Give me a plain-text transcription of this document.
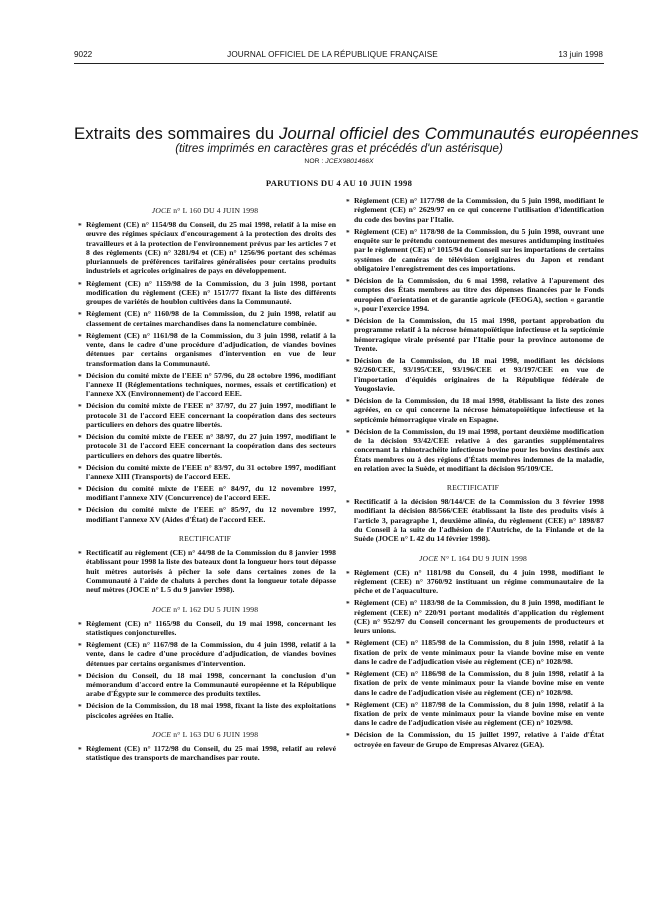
9022	JOURNAL OFFICIEL DE LA RÉPUBLIQUE FRANÇAISE	13 juin 1998
Extraits des sommaires du Journal officiel des Communautés européennes
(titres imprimés en caractères gras et précédés d'un astérisque)
NOR : JCEX9801466X
PARUTIONS DU 4 AU 10 JUIN 1998
JOCE n° L 160 DU 4 JUIN 1998
* Règlement (CE) n° 1154/98 du Conseil, du 25 mai 1998, relatif à la mise en œuvre des régimes spéciaux d'encouragement à la protection des droits des travailleurs et à la protection de l'environnement prévus par les articles 7 et 8 des règlements (CE) n° 3281/94 et (CE) n° 1256/96 portant des schémas pluriannuels de préférences tarifaires généralisées pour certains produits industriels et agricoles originaires de pays en développement.
* Règlement (CE) n° 1159/98 de la Commission, du 3 juin 1998, portant modification du règlement (CEE) n° 1517/77 fixant la liste des différents groupes de variétés de houblon cultivées dans la Communauté.
* Règlement (CE) n° 1160/98 de la Commission, du 2 juin 1998, relatif au classement de certaines marchandises dans la nomenclature combinée.
* Règlement (CE) n° 1161/98 de la Commission, du 3 juin 1998, relatif à la vente, dans le cadre d'une procédure d'adjudication, de viandes bovines détenues par certains organismes d'intervention en vue de leur transformation dans la Communauté.
* Décision du comité mixte de l'EEE n° 57/96, du 28 octobre 1996, modifiant l'annexe II (Réglementations techniques, normes, essais et certification) et l'annexe XX (Environnement) de l'accord EEE.
* Décision du comité mixte de l'EEE n° 37/97, du 27 juin 1997, modifiant le protocole 31 de l'accord EEE concernant la coopération dans des secteurs particuliers en dehors des quatre libertés.
* Décision du comité mixte de l'EEE n° 38/97, du 27 juin 1997, modifiant le protocole 31 de l'accord EEE concernant la coopération dans des secteurs particuliers en dehors des quatre libertés.
* Décision du comité mixte de l'EEE n° 83/97, du 31 octobre 1997, modifiant l'annexe XIII (Transports) de l'accord EEE.
* Décision du comité mixte de l'EEE n° 84/97, du 12 novembre 1997, modifiant l'annexe XIV (Concurrence) de l'accord EEE.
* Décision du comité mixte de l'EEE n° 85/97, du 12 novembre 1997, modifiant l'annexe XV (Aides d'État) de l'accord EEE.
RECTIFICATIF
* Rectificatif au règlement (CE) n° 44/98 de la Commission du 8 janvier 1998 établissant pour 1998 la liste des bateaux dont la longueur hors tout dépasse huit mètres autorisés à pêcher la sole dans certaines zones de la Communauté à l'aide de chaluts à perches dont la longueur totale dépasse neuf mètres (JOCE n° L 5 du 9 janvier 1998).
JOCE n° L 162 DU 5 JUIN 1998
* Règlement (CE) n° 1165/98 du Conseil, du 19 mai 1998, concernant les statistiques conjoncturelles.
* Règlement (CE) n° 1167/98 de la Commission, du 4 juin 1998, relatif à la vente, dans le cadre d'une procédure d'adjudication, de viandes bovines détenues par certains organismes d'intervention.
* Décision du Conseil, du 18 mai 1998, concernant la conclusion d'un mémorandum d'accord entre la Communauté européenne et la République arabe d'Égypte sur le commerce des produits textiles.
* Décision de la Commission, du 18 mai 1998, fixant la liste des exploitations piscicoles agréées en Italie.
JOCE n° L 163 DU 6 JUIN 1998
* Règlement (CE) n° 1172/98 du Conseil, du 25 mai 1998, relatif au relevé statistique des transports de marchandises par route.
* Règlement (CE) n° 1177/98 de la Commission, du 5 juin 1998, modifiant le règlement (CE) n° 2629/97 en ce qui concerne l'utilisation d'identification du code des bovins par l'Italie.
* Règlement (CE) n° 1178/98 de la Commission, du 5 juin 1998, ouvrant une enquête sur le prétendu contournement des mesures antidumping instituées par le règlement (CE) n° 1015/94 du Conseil sur les importations de certains systèmes de caméras de télévision originaires du Japon et rendant obligatoire l'enregistrement des ces importations.
* Décision de la Commission, du 6 mai 1998, relative à l'apurement des comptes des États membres au titre des dépenses financées par le Fonds européen d'orientation et de garantie agricole (FEOGA), section « garantie », pour l'exercice 1994.
* Décision de la Commission, du 15 mai 1998, portant approbation du programme relatif à la nécrose hématopoïétique infectieuse et la septicémie hémorragique virale présenté par l'Italie pour la province autonome de Trente.
* Décision de la Commission, du 18 mai 1998, modifiant les décisions 92/260/CEE, 93/195/CEE, 93/196/CEE et 93/197/CEE en vue de l'importation d'équidés originaires de la République fédérale de Yougoslavie.
* Décision de la Commission, du 18 mai 1998, établissant la liste des zones agréées, en ce qui concerne la nécrose hématopoïétique infectieuse et la septicémie hémorragique virale en Espagne.
* Décision de la Commission, du 19 mai 1998, portant deuxième modification de la décision 93/42/CEE relative à des garanties supplémentaires concernant la rhinotrachéite infectieuse bovine pour les bovins destinés aux États membres ou à des régions d'États membres indemnes de la maladie, en relation avec la Suède, et modifiant la décision 95/109/CE.
RECTIFICATIF
* Rectificatif à la décision 98/144/CE de la Commission du 3 février 1998 modifiant la décision 88/566/CEE établissant la liste des produits visés à l'article 3, paragraphe 1, deuxième alinéa, du règlement (CEE) n° 1898/87 du Conseil à la suite de l'adhésion de l'Autriche, de la Finlande et de la Suède (JOCE n° L 42 du 14 février 1998).
JOCE N° L 164 DU 9 JUIN 1998
* Règlement (CE) n° 1181/98 du Conseil, du 4 juin 1998, modifiant le règlement (CEE) n° 3760/92 instituant un régime communautaire de la pêche et de l'aquaculture.
* Règlement (CE) n° 1183/98 de la Commission, du 8 juin 1998, modifiant le règlement (CEE) n° 220/91 portant modalités d'application du règlement (CE) n° 952/97 du Conseil concernant les groupements de producteurs et leurs unions.
* Règlement (CE) n° 1185/98 de la Commission, du 8 juin 1998, relatif à la fixation de prix de vente minimaux pour la viande bovine mise en vente dans le cadre de l'adjudication visée au règlement (CE) n° 1028/98.
* Règlement (CE) n° 1186/98 de la Commission, du 8 juin 1998, relatif à la fixation de prix de vente minimaux pour la viande bovine mise en vente dans le cadre de l'adjudication visée au règlement (CE) n° 1028/98.
* Règlement (CE) n° 1187/98 de la Commission, du 8 juin 1998, relatif à la fixation de prix de vente minimaux pour la viande bovine mise en vente dans le cadre de l'adjudication visée au règlement (CE) n° 1029/98.
* Décision de la Commission, du 15 juillet 1997, relative à l'aide d'État octroyée en faveur de Grupo de Empresas Alvarez (GEA).
